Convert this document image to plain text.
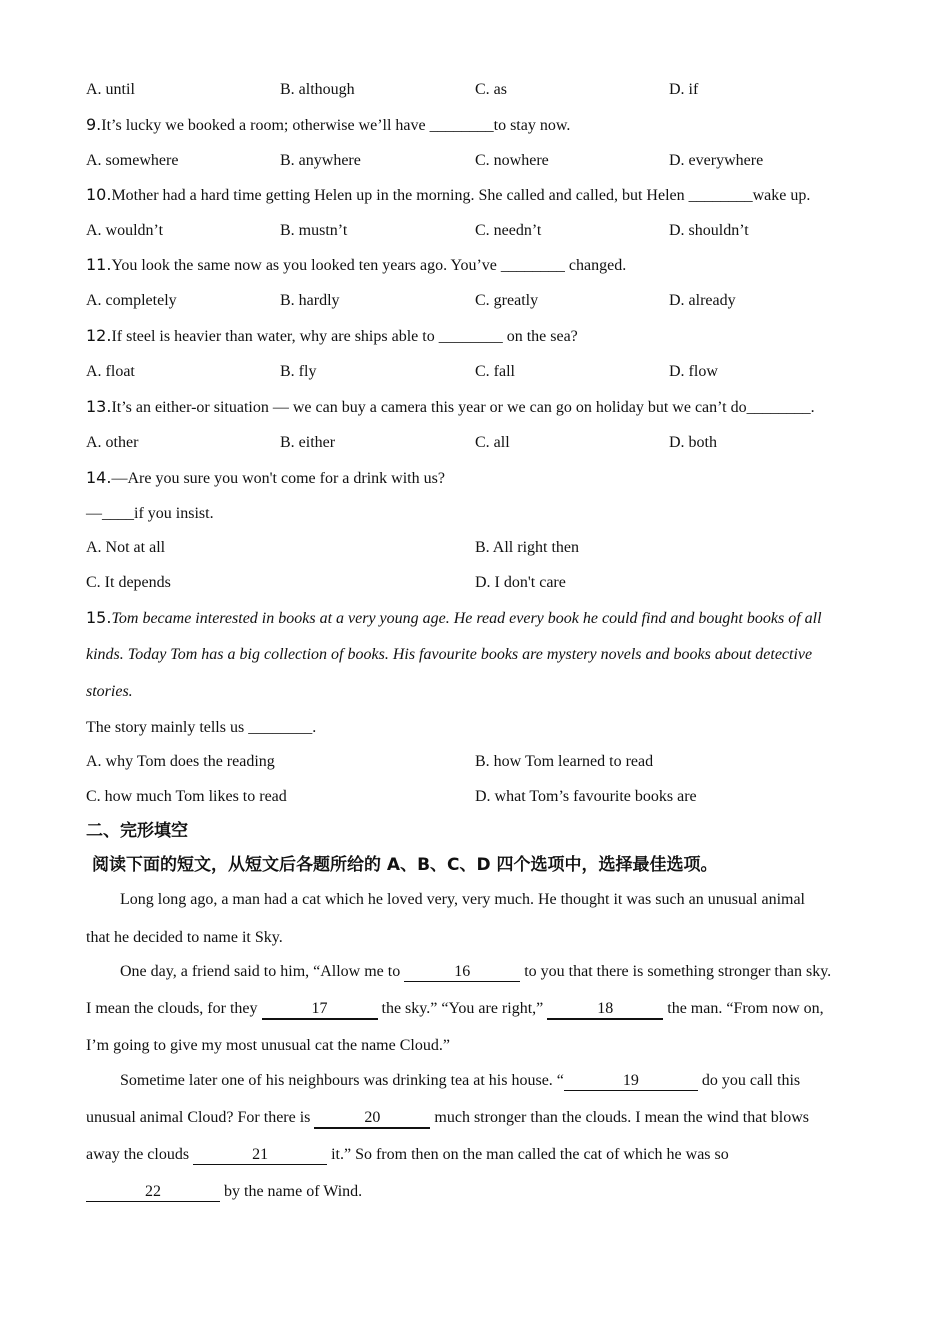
A. until	B. although	C. as	D. if
9.It’s lucky we booked a room; otherwise we’ll have ________to stay now.
A. somewhere	B. anywhere	C. nowhere	D. everywhere
10.Mother had a hard time getting Helen up in the morning. She called and called, but Helen ________wake up.
A. wouldn’t	B. mustn’t	C. needn’t	D. shouldn’t
11.You look the same now as you looked ten years ago. You’ve ________ changed.
A. completely	B. hardly	C. greatly	D. already
12.If steel is heavier than water, why are ships able to ________ on the sea?
A. float	B. fly	C. fall	D. flow
13.It’s an either-or situation — we can buy a camera this year or we can go on holiday but we can’t do________.
A. other	B. either	C. all	D. both
14.—Are you sure you won't come for a drink with us?
—____if you insist.
A. Not at all	B. All right then
C. It depends	D. I don't care
15.Tom became interested in books at a very young age. He read every book he could find and bought books of all
kinds. Today Tom has a big collection of books. His favourite books are mystery novels and books about detective
stories.
The story mainly tells us ________.
A. why Tom does the reading	B. how Tom learned to read
C. how much Tom likes to read	D. what Tom’s favourite books are
二、完形填空
阅读下面的短文，从短文后各题所给的 A、B、C、D 四个选项中，选择最佳选项。
Long long ago, a man had a cat which he loved very, very much. He thought it was such an unusual animal
that he decided to name it Sky.
One day, a friend said to him, “Allow me to	16	to you that there is something stronger than sky.
I mean the clouds, for they	17	the sky.” “You are right,”	18	the man. “From now on,
I’m going to give my most unusual cat the name Cloud.”
Sometime later one of his neighbours was drinking tea at his house. “	19	do you call this
unusual animal Cloud? For there is	20	much stronger than the clouds. I mean the wind that blows
away the clouds	21	it.” So from then on the man called the cat of which he was so
22	by the name of Wind.
